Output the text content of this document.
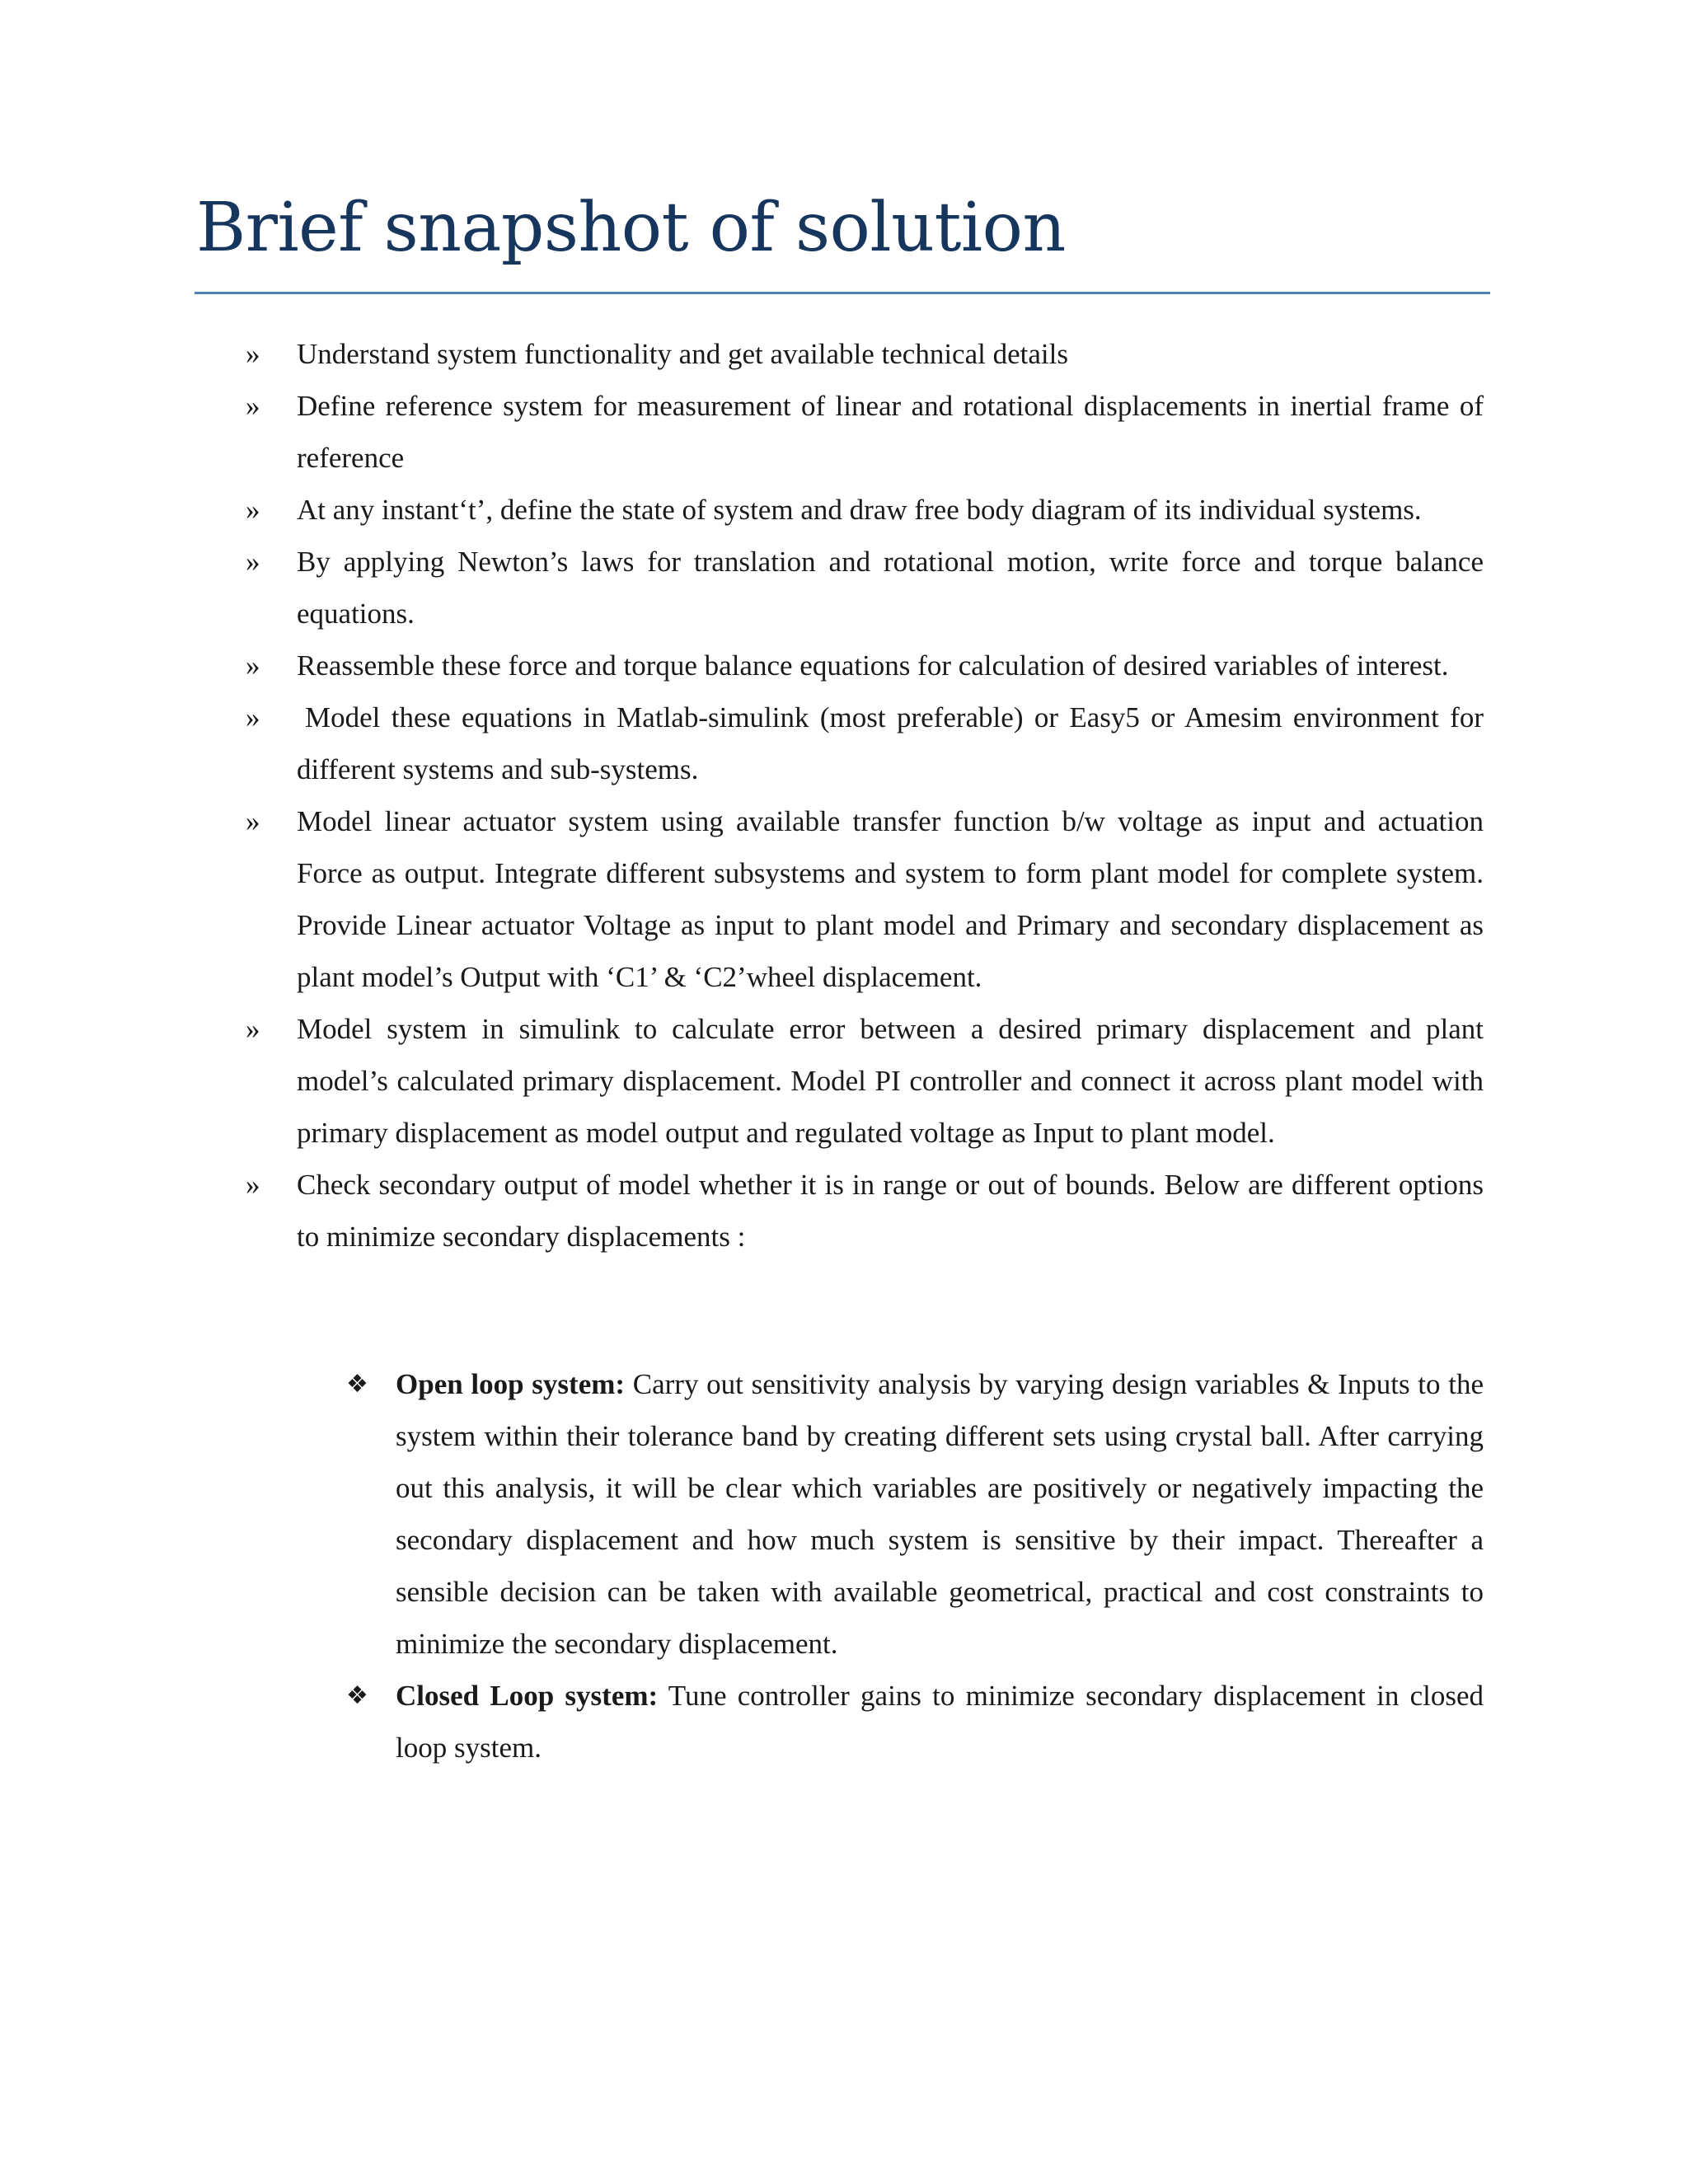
Brief snapshot of solution
» Understand system functionality and get available technical details
» Define reference system for measurement of linear and rotational displacements in inertial frame of reference
» At any instant‘t’, define the state of system and draw free body diagram of its individual systems.
» By applying Newton’s laws for translation and rotational motion, write force and torque balance equations.
» Reassemble these force and torque balance equations for calculation of desired variables of interest.
» Model these equations in Matlab-simulink (most preferable) or Easy5 or Amesim environment for different systems and sub-systems.
» Model linear actuator system using available transfer function b/w voltage as input and actuation Force as output. Integrate different subsystems and system to form plant model for complete system. Provide Linear actuator Voltage as input to plant model and Primary and secondary displacement as plant model’s Output with ‘C1’ & ‘C2’wheel displacement.
» Model system in simulink to calculate error between a desired primary displacement and plant model’s calculated primary displacement. Model PI controller and connect it across plant model with primary displacement as model output and regulated voltage as Input to plant model.
» Check secondary output of model whether it is in range or out of bounds. Below are different options to minimize secondary displacements :
❖ Open loop system: Carry out sensitivity analysis by varying design variables & Inputs to the system within their tolerance band by creating different sets using crystal ball. After carrying out this analysis, it will be clear which variables are positively or negatively impacting the secondary displacement and how much system is sensitive by their impact. Thereafter a sensible decision can be taken with available geometrical, practical and cost constraints to minimize the secondary displacement.
❖ Closed Loop system: Tune controller gains to minimize secondary displacement in closed loop system.
